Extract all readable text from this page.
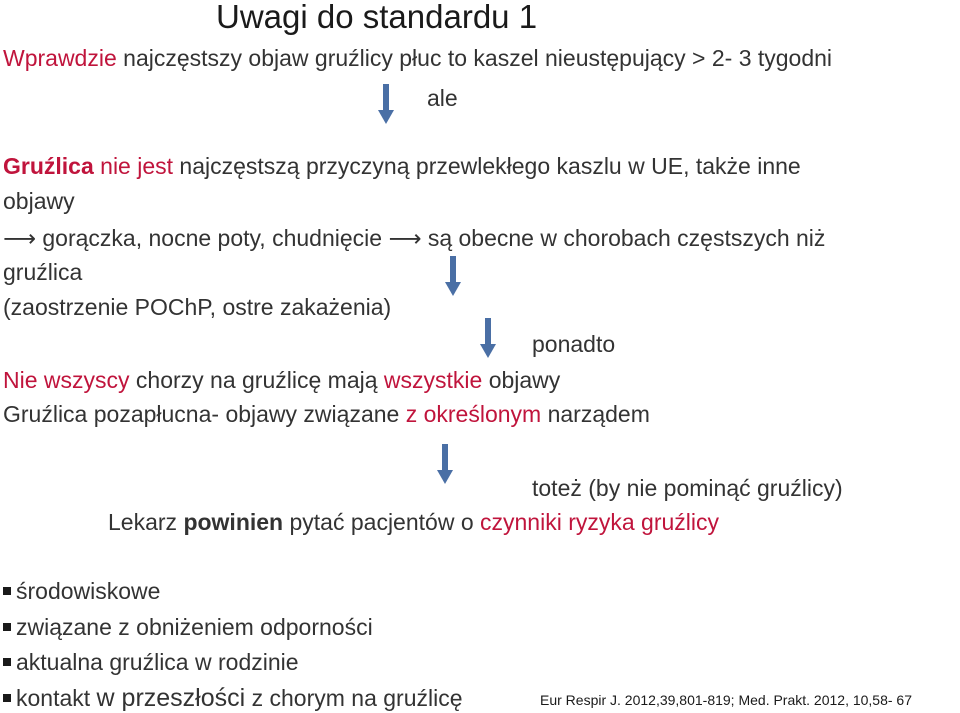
Uwagi do standardu 1
Wprawdzie najczęstszy objaw gruźlicy płuc to kaszel nieustępujący > 2- 3 tygodni
ale
Gruźlica nie jest najczęstszą przyczyną przewlekłego kaszlu w UE, także inne
objawy
⟶ gorączka, nocne poty, chudnięcie ⟶ są obecne w chorobach częstszych niż
gruźlica
(zaostrzenie POChP, ostre zakażenia)
ponadto
Nie wszyscy chorzy na gruźlicę mają wszystkie objawy
Gruźlica pozapłucna- objawy związane z określonym narządem
toteż (by nie pominąć gruźlicy)
Lekarz powinien pytać pacjentów o czynniki ryzyka gruźlicy
środowiskowe
związane z obniżeniem odporności
aktualna gruźlica w rodzinie
kontakt w przeszłości z chorym na gruźlicę	Eur Respir J. 2012,39,801-819; Med. Prakt. 2012, 10,58- 67
